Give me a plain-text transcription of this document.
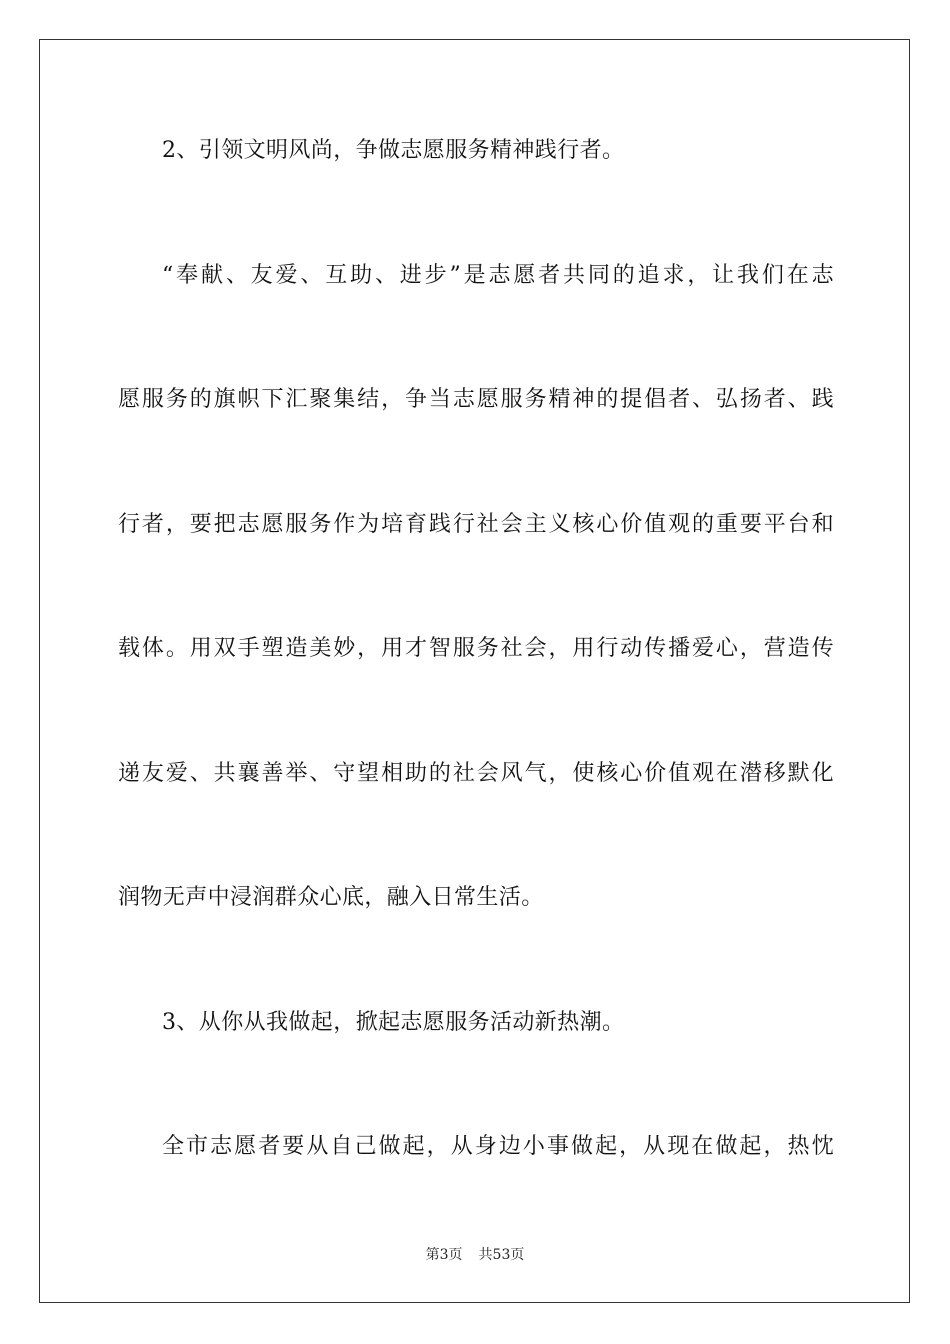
2、引领文明风尚，争做志愿服务精神践行者。
“奉献、友爱、互助、进步”是志愿者共同的追求，让我们在志
愿服务的旗帜下汇聚集结，争当志愿服务精神的提倡者、弘扬者、践
行者，要把志愿服务作为培育践行社会主义核心价值观的重要平台和
载体。用双手塑造美妙，用才智服务社会，用行动传播爱心，营造传
递友爱、共襄善举、守望相助的社会风气，使核心价值观在潜移默化
润物无声中浸润群众心底，融入日常生活。
3、从你从我做起，掀起志愿服务活动新热潮。
全市志愿者要从自己做起，从身边小事做起，从现在做起，热忱
第3页 共53页
